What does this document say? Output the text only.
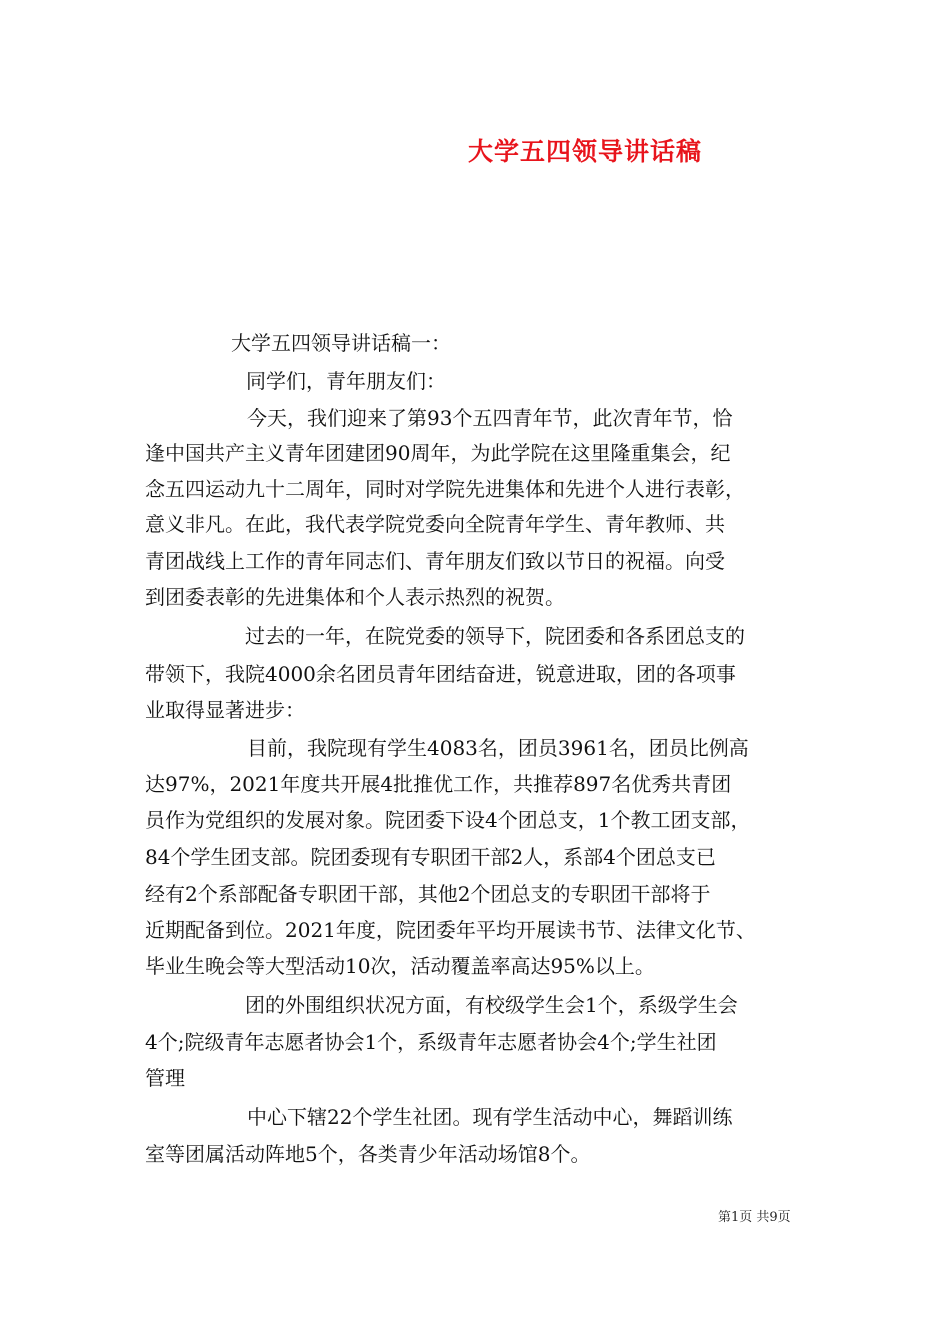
大学五四领导讲话稿
大学五四领导讲话稿一：
同学们，青年朋友们：
今天，我们迎来了第93个五四青年节，此次青年节，恰
逢中国共产主义青年团建团90周年，为此学院在这里隆重集会，纪
念五四运动九十二周年，同时对学院先进集体和先进个人进行表彰，
意义非凡。在此，我代表学院党委向全院青年学生、青年教师、共
青团战线上工作的青年同志们、青年朋友们致以节日的祝福。向受
到团委表彰的先进集体和个人表示热烈的祝贺。
过去的一年，在院党委的领导下，院团委和各系团总支的
带领下，我院4000余名团员青年团结奋进，锐意进取，团的各项事
业取得显著进步：
目前，我院现有学生4083名，团员3961名，团员比例高
达97%，2021年度共开展4批推优工作，共推荐897名优秀共青团
员作为党组织的发展对象。院团委下设4个团总支，1个教工团支部，
84个学生团支部。院团委现有专职团干部2人，系部4个团总支已
经有2个系部配备专职团干部，其他2个团总支的专职团干部将于
近期配备到位。2021年度，院团委年平均开展读书节、法律文化节、
毕业生晚会等大型活动10次，活动覆盖率高达95%以上。
团的外围组织状况方面，有校级学生会1个，系级学生会
4个;院级青年志愿者协会1个，系级青年志愿者协会4个;学生社团
管理
中心下辖22个学生社团。现有学生活动中心，舞蹈训练
室等团属活动阵地5个，各类青少年活动场馆8个。
第1页 共9页
